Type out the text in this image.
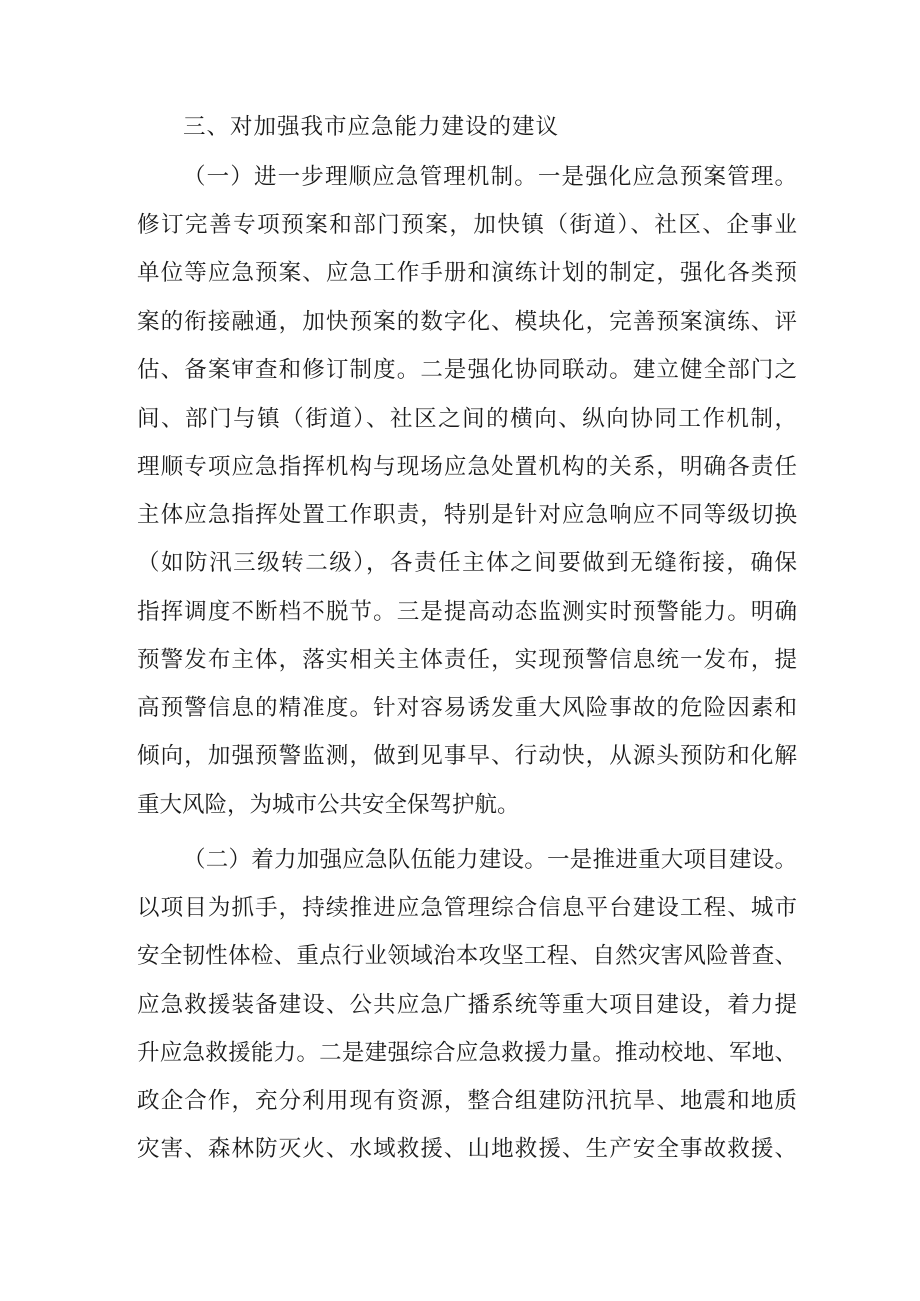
三、对加强我市应急能力建设的建议
（一）进一步理顺应急管理机制。一是强化应急预案管理。
修订完善专项预案和部门预案，加快镇（街道）、社区、企事业
单位等应急预案、应急工作手册和演练计划的制定，强化各类预
案的衔接融通，加快预案的数字化、模块化，完善预案演练、评
估、备案审查和修订制度。二是强化协同联动。建立健全部门之
间、部门与镇（街道）、社区之间的横向、纵向协同工作机制，
理顺专项应急指挥机构与现场应急处置机构的关系，明确各责任
主体应急指挥处置工作职责，特别是针对应急响应不同等级切换
（如防汛三级转二级），各责任主体之间要做到无缝衔接，确保
指挥调度不断档不脱节。三是提高动态监测实时预警能力。明确
预警发布主体，落实相关主体责任，实现预警信息统一发布，提
高预警信息的精准度。针对容易诱发重大风险事故的危险因素和
倾向，加强预警监测，做到见事早、行动快，从源头预防和化解
重大风险，为城市公共安全保驾护航。
（二）着力加强应急队伍能力建设。一是推进重大项目建设。
以项目为抓手，持续推进应急管理综合信息平台建设工程、城市
安全韧性体检、重点行业领域治本攻坚工程、自然灾害风险普查、
应急救援装备建设、公共应急广播系统等重大项目建设，着力提
升应急救援能力。二是建强综合应急救援力量。推动校地、军地、
政企合作，充分利用现有资源，整合组建防汛抗旱、地震和地质
灾害、森林防灭火、水域救援、山地救援、生产安全事故救援、
